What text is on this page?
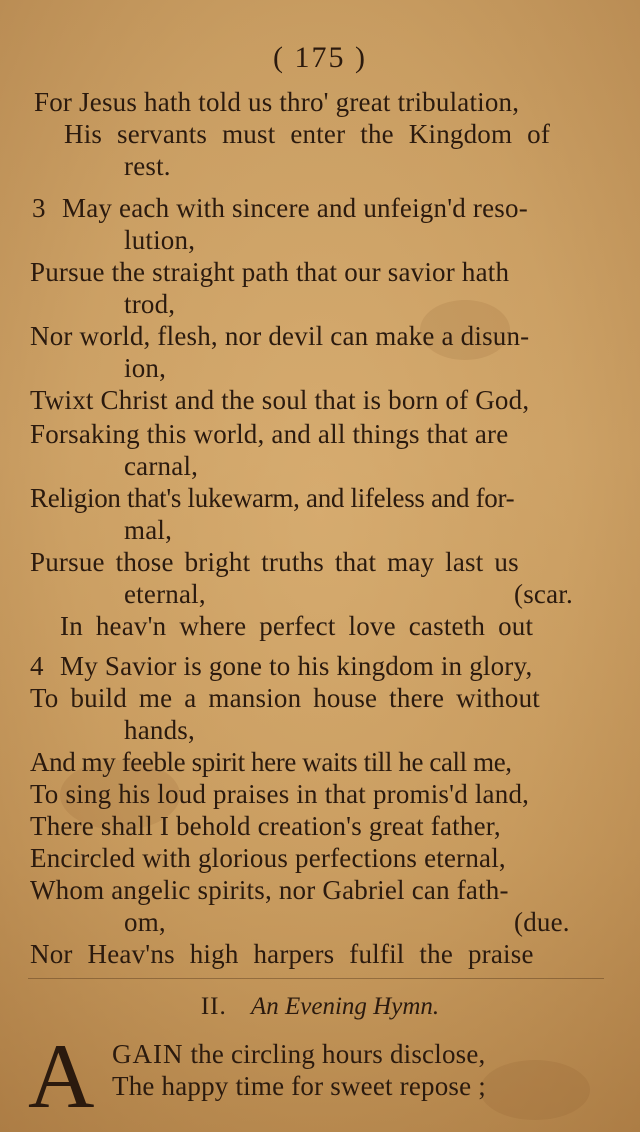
( 175 )
For Jesus hath told us thro' great tribulation,
His servants must enter the Kingdom of
rest.
3 May each with sincere and unfeign'd reso-
lution,
Pursue the straight path that our savior hath
trod,
Nor world, flesh, nor devil can make a disun-
ion,
Twixt Christ and the soul that is born of God,
Forsaking this world, and all things that are
carnal,
Religion that's lukewarm, and lifeless and for-
mal,
Pursue those bright truths that may last us
eternal,	(scar.
In heav'n where perfect love casteth out
4 My Savior is gone to his kingdom in glory,
To build me a mansion house there without
hands,
And my feeble spirit here waits till he call me,
To sing his loud praises in that promis'd land,
There shall I behold creation's great father,
Encircled with glorious perfections eternal,
Whom angelic spirits, nor Gabriel can fath-
om,	(due.
Nor Heav'ns high harpers fulfil the praise
II. An Evening Hymn.
A GAIN the circling hours disclose,
The happy time for sweet repose ;
